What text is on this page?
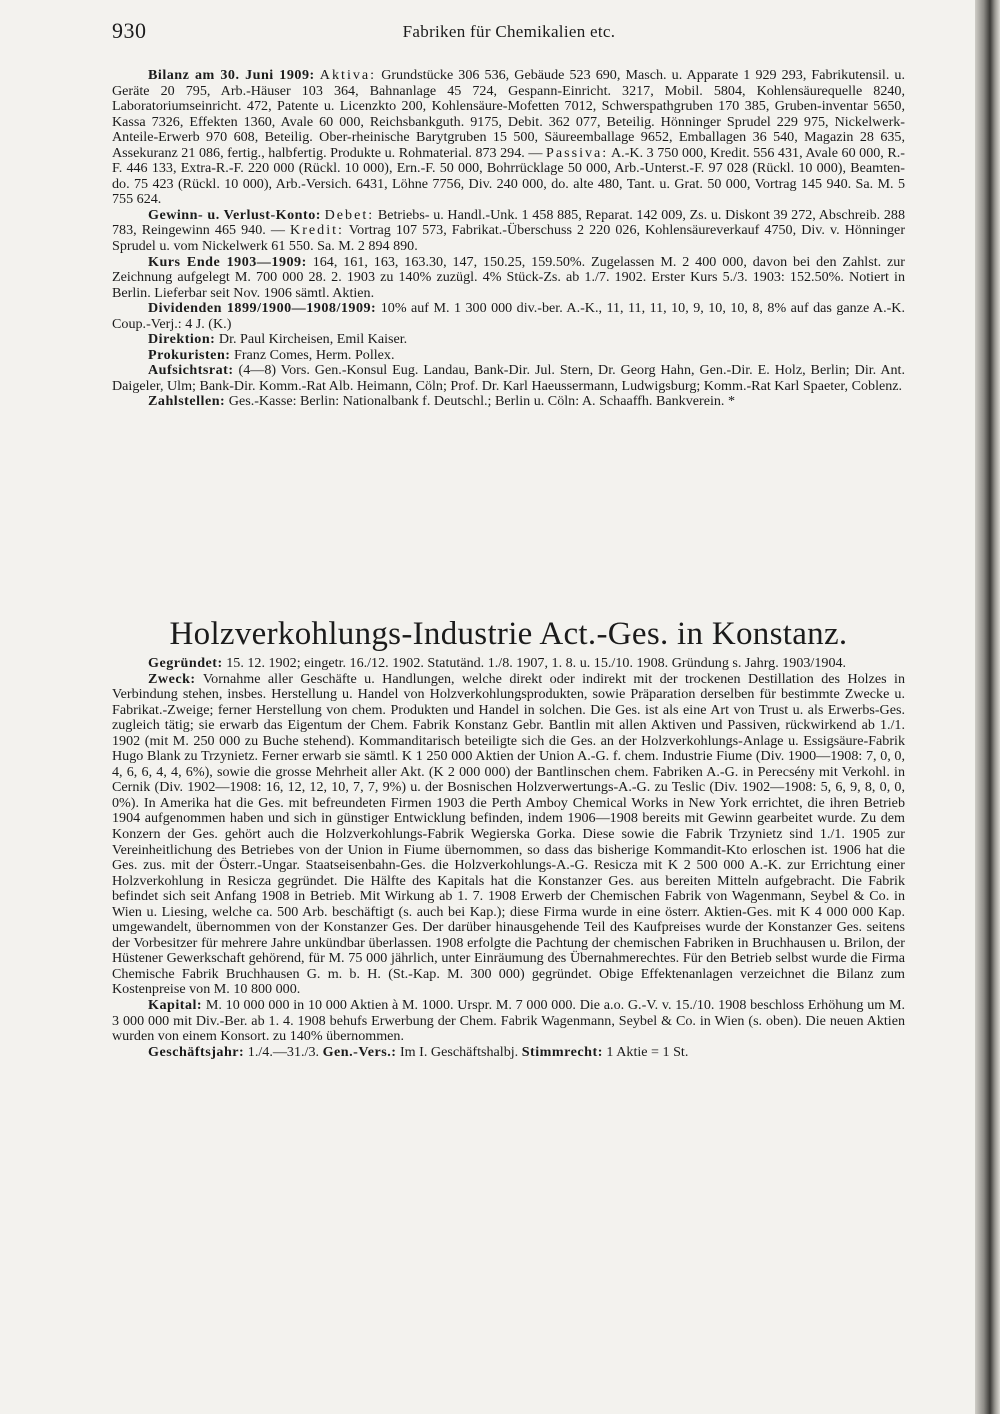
930	Fabriken für Chemikalien etc.

Bilanz am 30. Juni 1909: Aktiva: Grundstücke 306 536, Gebäude 523 690, Masch. u. Apparate 1 929 293, Fabrikutensil. u. Geräte 20 795, Arb.-Häuser 103 364, Bahnanlage 45 724, Gespann-Einricht. 3217, Mobil. 5804, Kohlensäurequelle 8240, Laboratoriumseinricht. 472, Patente u. Licenzkto 200, Kohlensäure-Mofetten 7012, Schwerspathgruben 170 385, Gruben-inventar 5650, Kassa 7326, Effekten 1360, Avale 60 000, Reichsbankguth. 9175, Debit. 362 077, Beteilig. Hönninger Sprudel 229 975, Nickelwerk-Anteile-Erwerb 970 608, Beteilig. Ober-rheinische Barytgruben 15 500, Säureemballage 9652, Emballagen 36 540, Magazin 28 635, Assekuranz 21 086, fertig., halbfertig. Produkte u. Rohmaterial. 873 294. — Passiva: A.-K. 3 750 000, Kredit. 556 431, Avale 60 000, R.-F. 446 133, Extra-R.-F. 220 000 (Rückl. 10 000), Ern.-F. 50 000, Bohrrücklage 50 000, Arb.-Unterst.-F. 97 028 (Rückl. 10 000), Beamten- do. 75 423 (Rückl. 10 000), Arb.-Versich. 6431, Löhne 7756, Div. 240 000, do. alte 480, Tant. u. Grat. 50 000, Vortrag 145 940. Sa. M. 5 755 624.

Gewinn- u. Verlust-Konto: Debet: Betriebs- u. Handl.-Unk. 1 458 885, Reparat. 142 009, Zs. u. Diskont 39 272, Abschreib. 288 783, Reingewinn 465 940. — Kredit: Vortrag 107 573, Fabrikat.-Überschuss 2 220 026, Kohlensäureverkauf 4750, Div. v. Hönninger Sprudel u. vom Nickelwerk 61 550. Sa. M. 2 894 890.

Kurs Ende 1903—1909: 164, 161, 163, 163.30, 147, 150.25, 159.50%. Zugelassen M. 2 400 000, davon bei den Zahlst. zur Zeichnung aufgelegt M. 700 000 28. 2. 1903 zu 140% zuzügl. 4% Stück-Zs. ab 1./7. 1902. Erster Kurs 5./3. 1903: 152.50%. Notiert in Berlin. Lieferbar seit Nov. 1906 sämtl. Aktien.

Dividenden 1899/1900—1908/1909: 10% auf M. 1 300 000 div.-ber. A.-K., 11, 11, 11, 10, 9, 10, 10, 8, 8% auf das ganze A.-K. Coup.-Verj.: 4 J. (K.)

Direktion: Dr. Paul Kircheisen, Emil Kaiser.

Prokuristen: Franz Comes, Herm. Pollex.

Aufsichtsrat: (4—8) Vors. Gen.-Konsul Eug. Landau, Bank-Dir. Jul. Stern, Dr. Georg Hahn, Gen.-Dir. E. Holz, Berlin; Dir. Ant. Daigeler, Ulm; Bank-Dir. Komm.-Rat Alb. Heimann, Cöln; Prof. Dr. Karl Haeussermann, Ludwigsburg; Komm.-Rat Karl Spaeter, Coblenz.

Zahlstellen: Ges.-Kasse: Berlin: Nationalbank f. Deutschl.; Berlin u. Cöln: A. Schaaffh. Bankverein. *

Holzverkohlungs-Industrie Act.-Ges. in Konstanz.

Gegründet: 15. 12. 1902; eingetr. 16./12. 1902. Statutänd. 1./8. 1907, 1. 8. u. 15./10. 1908. Gründung s. Jahrg. 1903/1904.

Zweck: Vornahme aller Geschäfte u. Handlungen, welche direkt oder indirekt mit der trockenen Destillation des Holzes in Verbindung stehen, insbes. Herstellung u. Handel von Holzverkohlungsprodukten, sowie Präparation derselben für bestimmte Zwecke u. Fabrikat.-Zweige; ferner Herstellung von chem. Produkten und Handel in solchen. Die Ges. ist als eine Art von Trust u. als Erwerbs-Ges. zugleich tätig; sie erwarb das Eigentum der Chem. Fabrik Konstanz Gebr. Bantlin mit allen Aktiven und Passiven, rückwirkend ab 1./1. 1902 (mit M. 250 000 zu Buche stehend). Kommanditarisch beteiligte sich die Ges. an der Holzverkohlungs-Anlage u. Essigsäure-Fabrik Hugo Blank zu Trzynietz. Ferner erwarb sie sämtl. K 1 250 000 Aktien der Union A.-G. f. chem. Industrie Fiume (Div. 1900—1908: 7, 0, 0, 4, 6, 6, 4, 4, 6%), sowie die grosse Mehrheit aller Akt. (K 2 000 000) der Bantlinschen chem. Fabriken A.-G. in Perecsény mit Verkohl. in Cernik (Div. 1902—1908: 16, 12, 12, 10, 7, 7, 9%) u. der Bosnischen Holzverwertungs-A.-G. zu Teslic (Div. 1902—1908: 5, 6, 9, 8, 0, 0, 0%). In Amerika hat die Ges. mit befreundeten Firmen 1903 die Perth Amboy Chemical Works in New York errichtet, die ihren Betrieb 1904 aufgenommen haben und sich in günstiger Entwicklung befinden, indem 1906—1908 bereits mit Gewinn gearbeitet wurde. Zu dem Konzern der Ges. gehört auch die Holzverkohlungs-Fabrik Wegierska Gorka. Diese sowie die Fabrik Trzynietz sind 1./1. 1905 zur Vereinheitlichung des Betriebes von der Union in Fiume übernommen, so dass das bisherige Kommandit-Kto erloschen ist. 1906 hat die Ges. zus. mit der Österr.-Ungar. Staatseisenbahn-Ges. die Holzverkohlungs-A.-G. Resicza mit K 2 500 000 A.-K. zur Errichtung einer Holzverkohlung in Resicza gegründet. Die Hälfte des Kapitals hat die Konstanzer Ges. aus bereiten Mitteln aufgebracht. Die Fabrik befindet sich seit Anfang 1908 in Betrieb. Mit Wirkung ab 1. 7. 1908 Erwerb der Chemischen Fabrik von Wagenmann, Seybel & Co. in Wien u. Liesing, welche ca. 500 Arb. beschäftigt (s. auch bei Kap.); diese Firma wurde in eine österr. Aktien-Ges. mit K 4 000 000 Kap. umgewandelt, übernommen von der Konstanzer Ges. Der darüber hinausgehende Teil des Kaufpreises wurde der Konstanzer Ges. seitens der Vorbesitzer für mehrere Jahre unkündbar überlassen. 1908 erfolgte die Pachtung der chemischen Fabriken in Bruchhausen u. Brilon, der Hüstener Gewerkschaft gehörend, für M. 75 000 jährlich, unter Einräumung des Übernahmerechtes. Für den Betrieb selbst wurde die Firma Chemische Fabrik Bruchhausen G. m. b. H. (St.-Kap. M. 300 000) gegründet. Obige Effektenanlagen verzeichnet die Bilanz zum Kostenpreise von M. 10 800 000.

Kapital: M. 10 000 000 in 10 000 Aktien à M. 1000. Urspr. M. 7 000 000. Die a.o. G.-V. v. 15./10. 1908 beschloss Erhöhung um M. 3 000 000 mit Div.-Ber. ab 1. 4. 1908 behufs Erwerbung der Chem. Fabrik Wagenmann, Seybel & Co. in Wien (s. oben). Die neuen Aktien wurden von einem Konsort. zu 140% übernommen.

Geschäftsjahr: 1./4.—31./3. Gen.-Vers.: Im I. Geschäftshalbj. Stimmrecht: 1 Aktie = 1 St.
